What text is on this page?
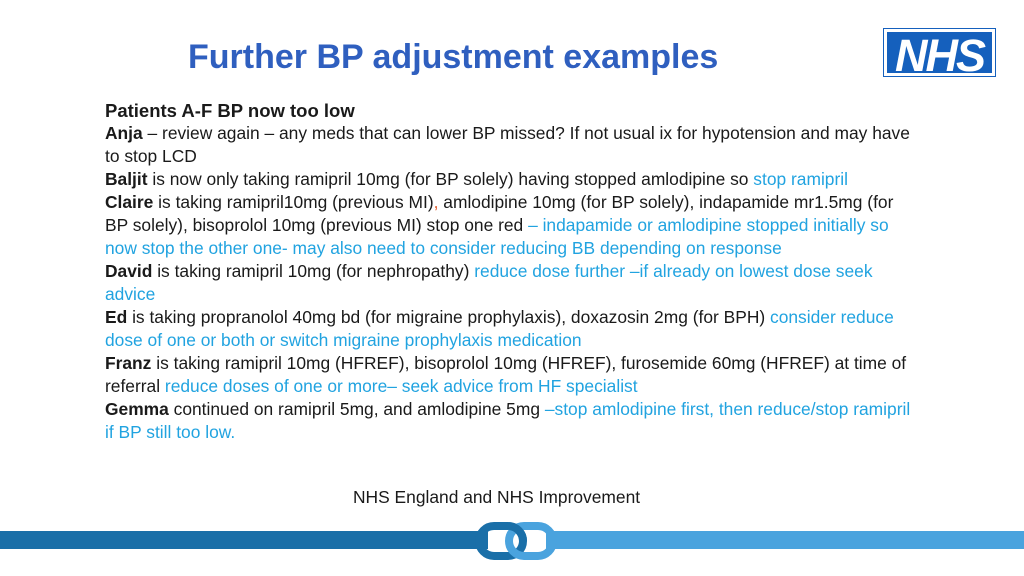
Further BP adjustment examples	NHS

Patients A-F BP now too low

Anja – review again – any meds that can lower BP missed? If not usual ix for hypotension and may have to stop LCD

Baljit is now only taking ramipril 10mg (for BP solely) having stopped amlodipine so stop ramipril

Claire is taking ramipril10mg (previous MI), amlodipine 10mg (for BP solely), indapamide mr1.5mg (for BP solely), bisoprolol 10mg (previous MI) stop one red – indapamide or amlodipine stopped initially so now stop the other one- may also need to consider reducing BB depending on response

David is taking ramipril 10mg (for nephropathy) reduce dose further –if already on lowest dose seek advice

Ed is taking propranolol 40mg bd (for migraine prophylaxis), doxazosin 2mg (for BPH) consider reduce dose of one or both or switch migraine prophylaxis medication

Franz is taking ramipril 10mg (HFREF), bisoprolol 10mg (HFREF), furosemide 60mg (HFREF) at time of referral reduce doses of one or more– seek advice from HF specialist

Gemma continued on ramipril 5mg, and amlodipine 5mg –stop amlodipine first, then reduce/stop ramipril if BP still too low.

NHS England and NHS Improvement
